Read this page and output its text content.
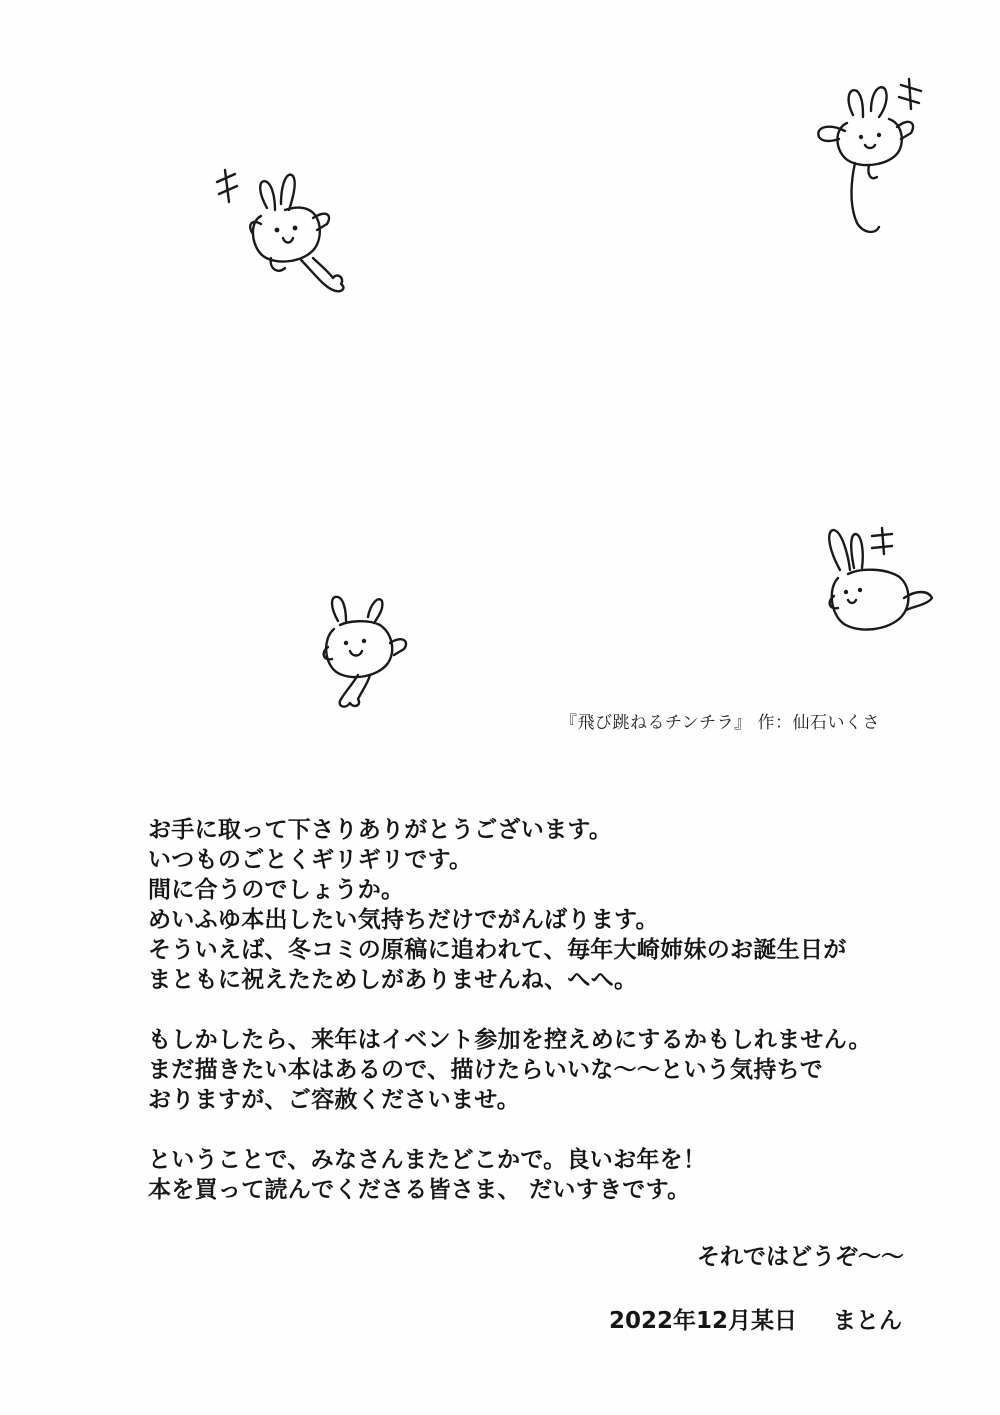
『飛び跳ねるチンチラ』 作：仙石いくさ
お手に取って下さりありがとうございます。
いつものごとくギリギリです。
間に合うのでしょうか。
めいふゆ本出したい気持ちだけでがんばります。
そういえば、冬コミの原稿に追われて、毎年大崎姉妹のお誕生日が
まともに祝えたためしがありませんね、へへ。
もしかしたら、来年はイベント参加を控えめにするかもしれません。
まだ描きたい本はあるので、描けたらいいな～～という気持ちで
おりますが、ご容赦くださいませ。
ということで、みなさんまたどこかで。良いお年を！
本を買って読んでくださる皆さま、 だいすきです。
それではどうぞ～～
2022年12月某日 まとん
